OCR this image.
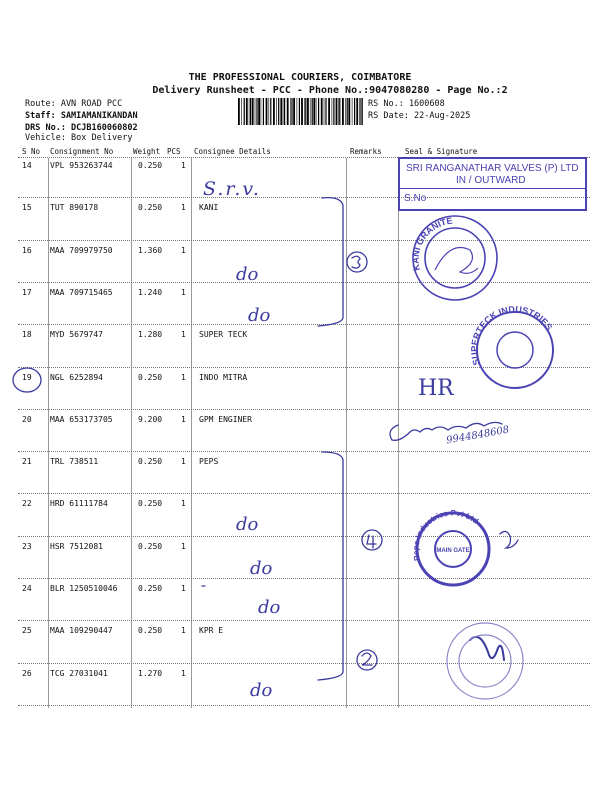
THE PROFESSIONAL COURIERS, COIMBATORE
Delivery Runsheet - PCC - Phone No.:9047080280 - Page No.:2
Route: AVN ROAD PCC
Staff: SAMIAMANIKANDAN
DRS No.: DCJB160060802
Vehicle: Box Delivery
RS No.: 1600608
RS Date: 22-Aug-2025
S No Consignment No	Weight PCS Consignee Details	Remarks	Seal & Signature
14 VPL 953263744	0.250 1
15 TUT 890178	0.250 1 KANI
16 MAA 709979750	1.360 1
17 MAA 709715465	1.240 1
18 MYD 5679747	1.280 1 SUPER TECK
19 NGL 6252894	0.250 1 INDO MITRA
20 MAA 653173705	9.200 1 GPM ENGINER
21 TRL 738511	0.250 1 PEPS
22 HRD 61111784	0.250 1
23 HSR 7512081	0.250 1
24 BLR 1250510046	0.250 1
25 MAA 109290447	0.250 1 KPR E
26 TCG 27031041	1.270 1
SRI RANGANATHAR VALVES (P) LTD
IN / OUTWARD
S.No
S.r.v.
do
do
do
do
do
do
HR
9944848608
KANI GRANITE
SUPERTECK INDUSTRIES
Peps Industries Pvt Ltd
MAIN GATE
